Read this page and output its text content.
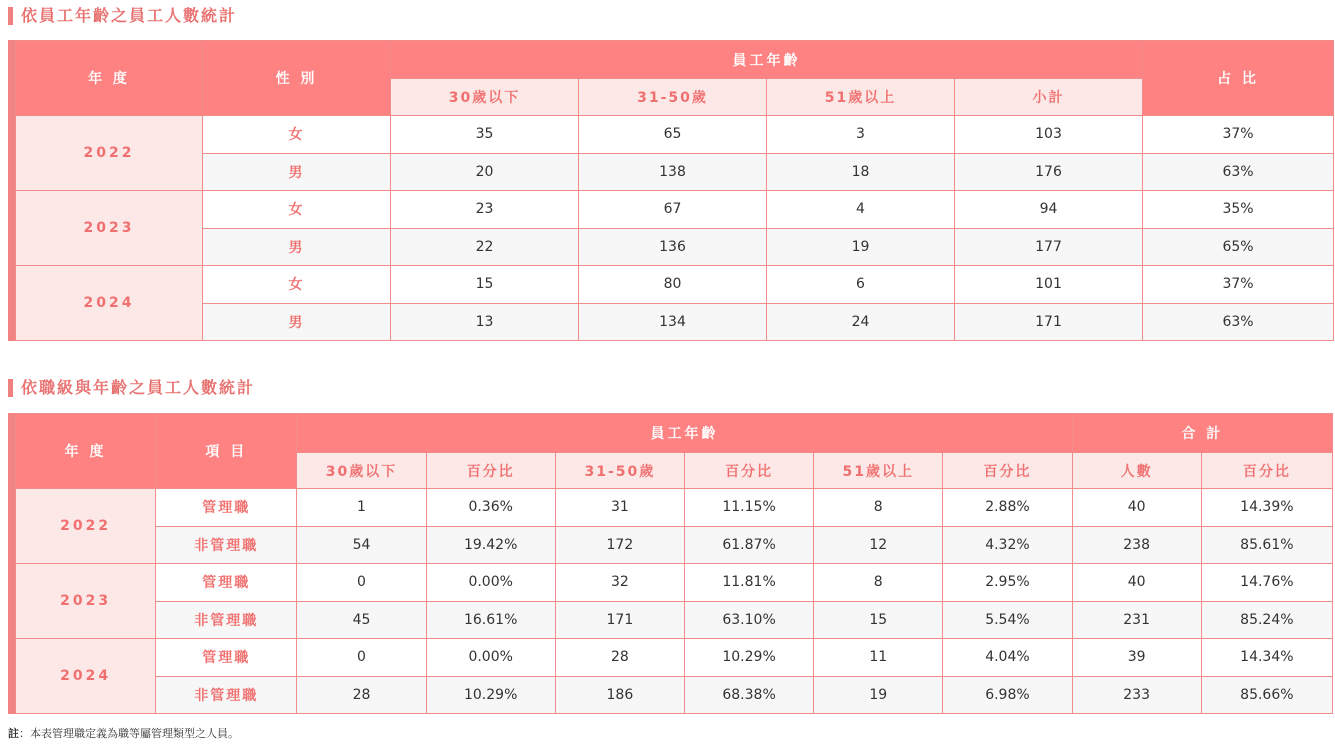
依員工年齡之員工人數統計
年 度	性 別	員工年齡				占 比
		30歲以下	31-50歲	51歲以上	小計	
2022	女	35	65	3	103	37%
	男	20	138	18	176	63%
2023	女	23	67	4	94	35%
	男	22	136	19	177	65%
2024	女	15	80	6	101	37%
	男	13	134	24	171	63%
依職級與年齡之員工人數統計
年 度	項 目	員工年齡						合 計	
		30歲以下	百分比	31-50歲	百分比	51歲以上	百分比	人數	百分比
2022	管理職	1	0.36%	31	11.15%	8	2.88%	40	14.39%
	非管理職	54	19.42%	172	61.87%	12	4.32%	238	85.61%
2023	管理職	0	0.00%	32	11.81%	8	2.95%	40	14.76%
	非管理職	45	16.61%	171	63.10%	15	5.54%	231	85.24%
2024	管理職	0	0.00%	28	10.29%	11	4.04%	39	14.34%
	非管理職	28	10.29%	186	68.38%	19	6.98%	233	85.66%
註：本表管理職定義為職等屬管理類型之人員。
